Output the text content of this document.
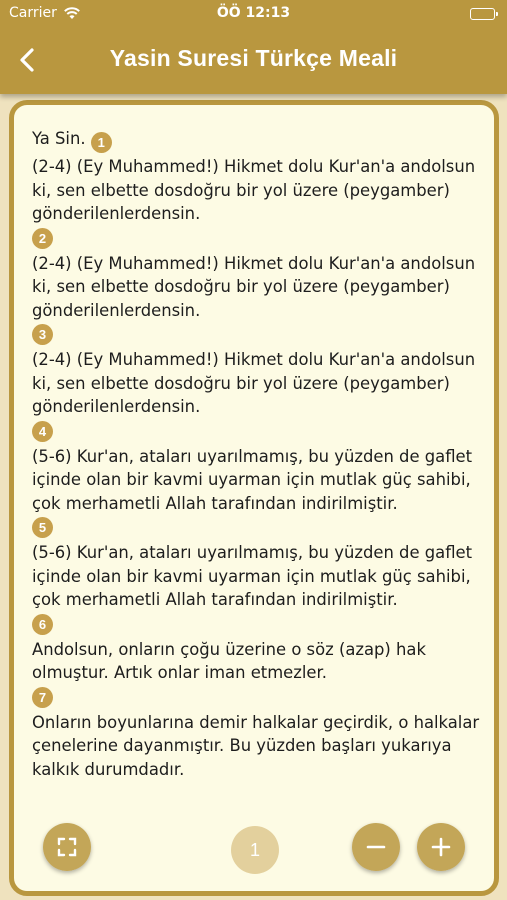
Carrier	ÖÖ 12:13
Yasin Suresi Türkçe Meali
Ya Sin. 1
(2-4) (Ey Muhammed!) Hikmet dolu Kur'an'a andolsun ki, sen elbette dosdoğru bir yol üzere (peygamber) gönderilenlerdensin.
2
(2-4) (Ey Muhammed!) Hikmet dolu Kur'an'a andolsun ki, sen elbette dosdoğru bir yol üzere (peygamber) gönderilenlerdensin.
3
(2-4) (Ey Muhammed!) Hikmet dolu Kur'an'a andolsun ki, sen elbette dosdoğru bir yol üzere (peygamber) gönderilenlerdensin.
4
(5-6) Kur'an, ataları uyarılmamış, bu yüzden de gaflet içinde olan bir kavmi uyarman için mutlak güç sahibi, çok merhametli Allah tarafından indirilmiştir.
5
(5-6) Kur'an, ataları uyarılmamış, bu yüzden de gaflet içinde olan bir kavmi uyarman için mutlak güç sahibi, çok merhametli Allah tarafından indirilmiştir.
6
Andolsun, onların çoğu üzerine o söz (azap) hak olmuştur. Artık onlar iman etmezler.
7
Onların boyunlarına demir halkalar geçirdik, o halkalar çenelerine dayanmıştır. Bu yüzden başları yukarıya kalkık durumdadır.
1
